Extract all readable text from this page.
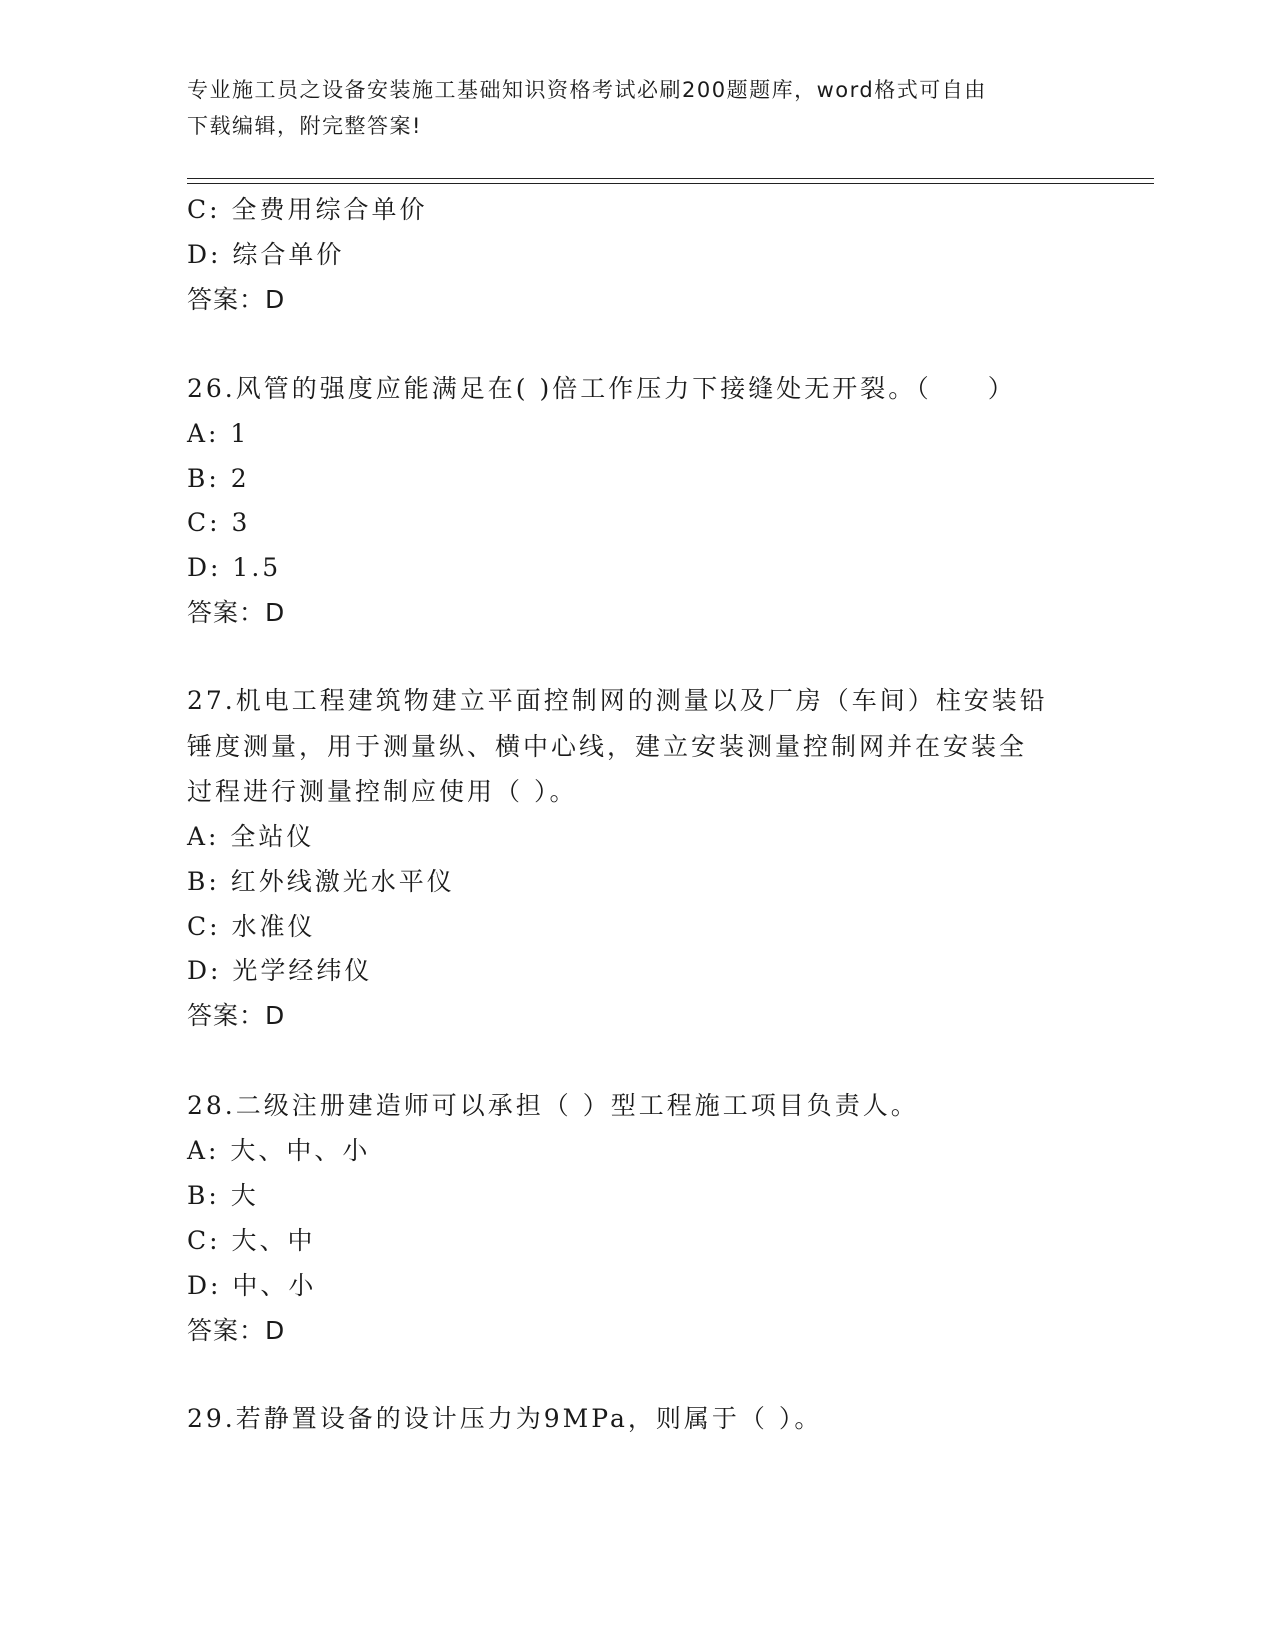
专业施工员之设备安装施工基础知识资格考试必刷200题题库，word格式可自由
下载编辑，附完整答案!
C: 全费用综合单价
D: 综合单价
答案：D
26.风管的强度应能满足在( )倍工作压力下接缝处无开裂。（　　）
A: 1
B: 2
C: 3
D: 1.5
答案：D
27.机电工程建筑物建立平面控制网的测量以及厂房（车间）柱安装铅
锤度测量，用于测量纵、横中心线，建立安装测量控制网并在安装全
过程进行测量控制应使用（ ）。
A: 全站仪
B: 红外线激光水平仪
C: 水准仪
D: 光学经纬仪
答案：D
28.二级注册建造师可以承担（ ）型工程施工项目负责人。
A: 大、中、小
B: 大
C: 大、中
D: 中、小
答案：D
29.若静置设备的设计压力为9MPa，则属于（ ）。
